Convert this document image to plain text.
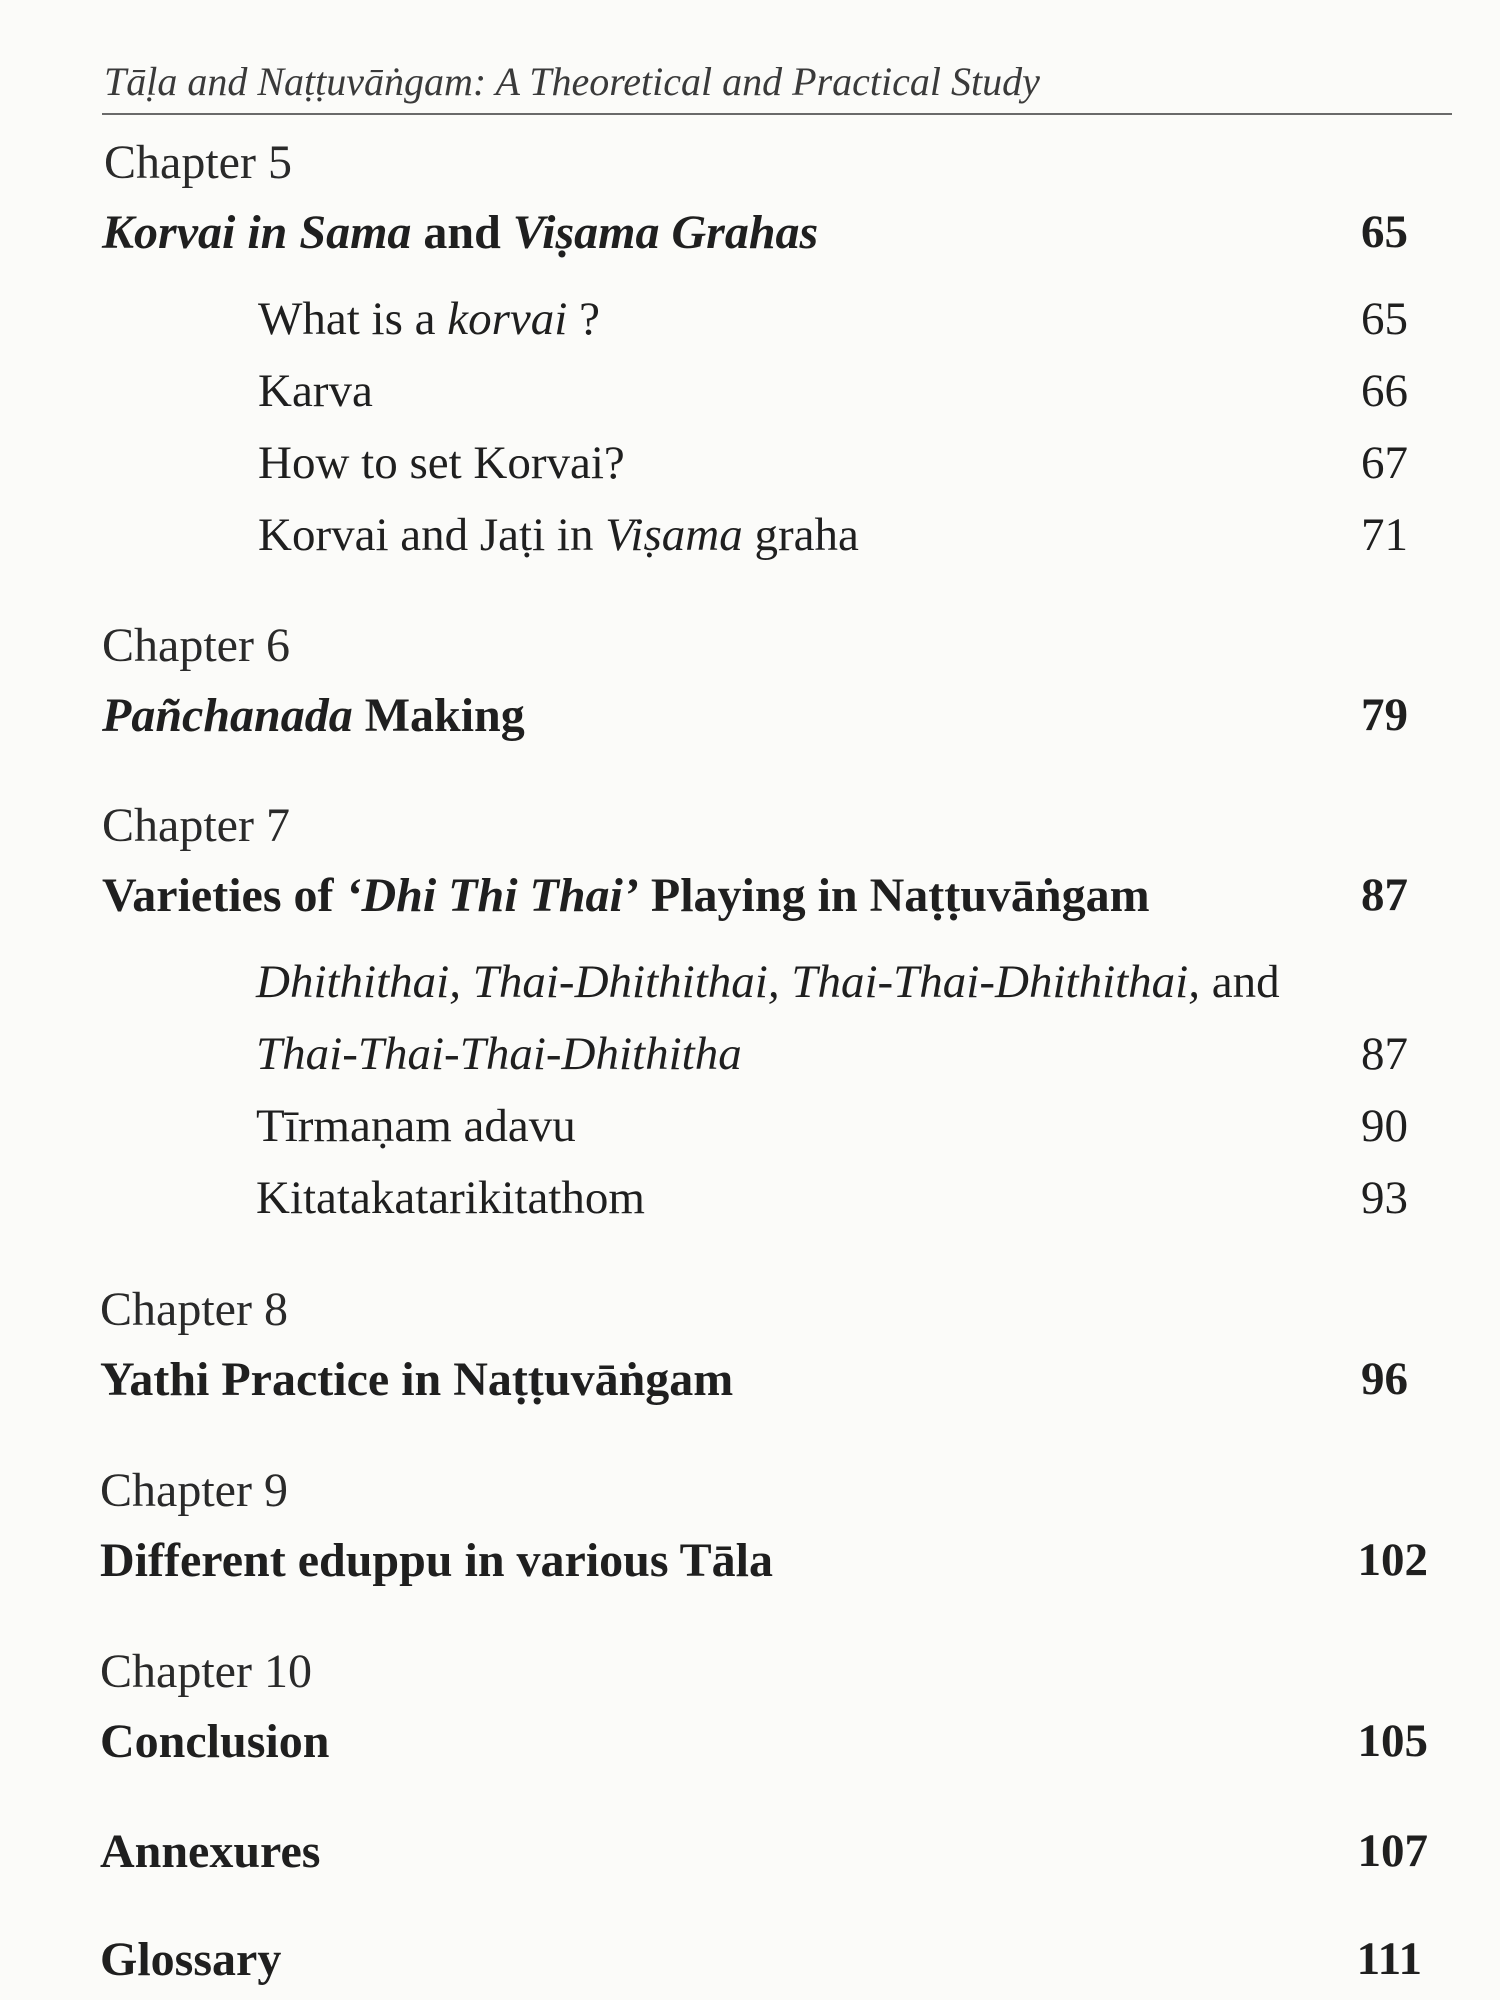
Tāḷa and Naṭṭuvāṅgam: A Theoretical and Practical Study
Chapter 5
Korvai in Sama and Viṣama Grahas	65
What is a korvai ?	65
Karva	66
How to set Korvai?	67
Korvai and Jaṭi in Viṣama graha	71
Chapter 6
Pañchanada Making	79
Chapter 7
Varieties of ‘Dhi Thi Thai’ Playing in Naṭṭuvāṅgam	87
Dhithithai, Thai-Dhithithai, Thai-Thai-Dhithithai, and
Thai-Thai-Thai-Dhithitha	87
Tīrmaṇam adavu	90
Kitatakatarikitathom	93
Chapter 8
Yathi Practice in Naṭṭuvāṅgam	96
Chapter 9
Different eduppu in various Tāla	102
Chapter 10
Conclusion	105
Annexures	107
Glossary	111
